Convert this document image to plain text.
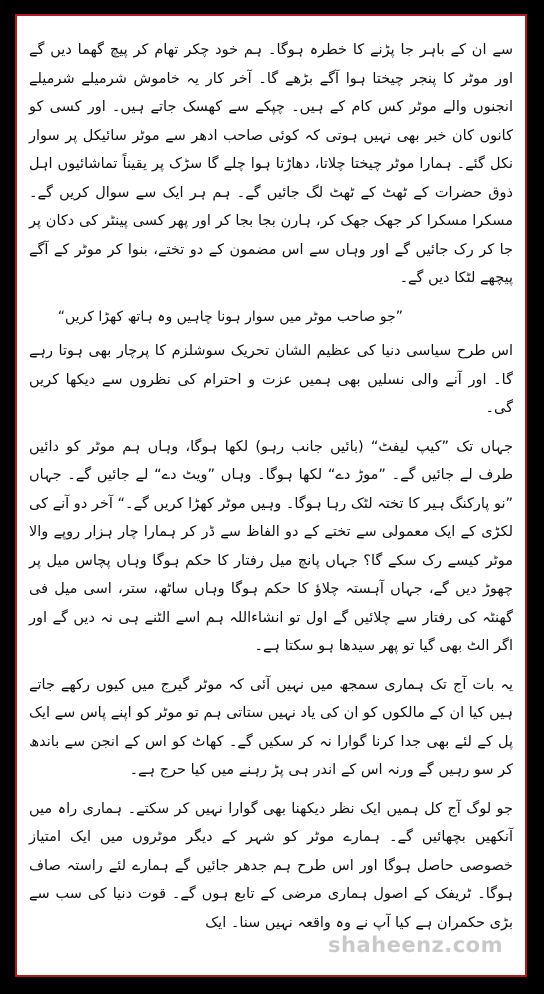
سے ان کے باہر جا پڑنے کا خطرہ ہوگا۔ ہم خود چکر تھام کر پیچ گھما دیں گے اور موٹر کا پنجر چیختا ہوا آگے بڑھے گا۔ آخر کار یہ خاموش شرمیلے شرمیلے انجنوں والے موٹر کس کام کے ہیں۔ چپکے سے کھسک جاتے ہیں۔ اور کسی کو کانوں کان خبر بھی نہیں ہوتی کہ کوئی صاحب ادھر سے موٹر سائیکل پر سوار نکل گئے۔ ہمارا موٹر چیختا چلاتا، دھاڑتا ہوا چلے گا سڑک پر یقیناً تماشائیوں اہل ذوق حضرات کے ٹھٹ کے ٹھٹ لگ جائیں گے۔ ہم ہر ایک سے سوال کریں گے۔ مسکرا مسکرا کر جھک جھک کر، ہارن بجا بجا کر اور پھر کسی پینٹر کی دکان پر جا کر رک جائیں گے اور وہاں سے اس مضمون کے دو تختے، بنوا کر موٹر کے آگے پیچھے لٹکا دیں گے۔

”جو صاحب موٹر میں سوار ہونا چاہیں وہ ہاتھ کھڑا کریں“

اس طرح سیاسی دنیا کی عظیم الشان تحریک سوشلزم کا پرچار بھی ہوتا رہے گا۔ اور آنے والی نسلیں بھی ہمیں عزت و احترام کی نظروں سے دیکھا کریں گی۔

جہاں تک ”کیپ لیفٹ“ (بائیں جانب رہو) لکھا ہوگا، وہاں ہم موٹر کو دائیں طرف لے جائیں گے۔ ”موڑ دے“ لکھا ہوگا۔ وہاں ”ویٹ دے“ لے جائیں گے۔ جہاں ”نو پارکنگ ہیر کا تختہ لٹک رہا ہوگا۔ وہیں موٹر کھڑا کریں گے۔“ آخر دو آنے کی لکڑی کے ایک معمولی سے تختے کے دو الفاظ سے ڈر کر ہمارا چار ہزار روپے والا موٹر کیسے رک سکے گا؟ جہاں پانچ میل رفتار کا حکم ہوگا وہاں پچاس میل پر چھوڑ دیں گے، جہاں آہستہ چلاؤ کا حکم ہوگا وہاں ساٹھ، ستر، اسی میل فی گھنٹہ کی رفتار سے چلائیں گے اول تو انشاءاللہ ہم اسے الٹنے ہی نہ دیں گے اور اگر الٹ بھی گیا تو پھر سیدھا ہو سکتا ہے۔

یہ بات آج تک ہماری سمجھ میں نہیں آئی کہ موٹر گیرج میں کیوں رکھے جاتے ہیں کیا ان کے مالکوں کو ان کی یاد نہیں ستاتی ہم تو موٹر کو اپنے پاس سے ایک پل کے لئے بھی جدا کرنا گوارا نہ کر سکیں گے۔ کھاٹ کو اس کے انجن سے باندھ کر سو رہیں گے ورنہ اس کے اندر ہی پڑ رہنے میں کیا حرج ہے۔

جو لوگ آج کل ہمیں ایک نظر دیکھنا بھی گوارا نہیں کر سکتے۔ ہماری راہ میں آنکھیں بچھائیں گے۔ ہمارے موٹر کو شہر کے دیگر موٹروں میں ایک امتیاز خصوصی حاصل ہوگا اور اس طرح ہم جدھر جائیں گے ہمارے لئے راستہ صاف ہوگا۔ ٹریفک کے اصول ہماری مرضی کے تابع ہوں گے۔ قوت دنیا کی سب سے بڑی حکمران ہے کیا آپ نے وہ واقعہ نہیں سنا۔ ایک

shaheenz.com
